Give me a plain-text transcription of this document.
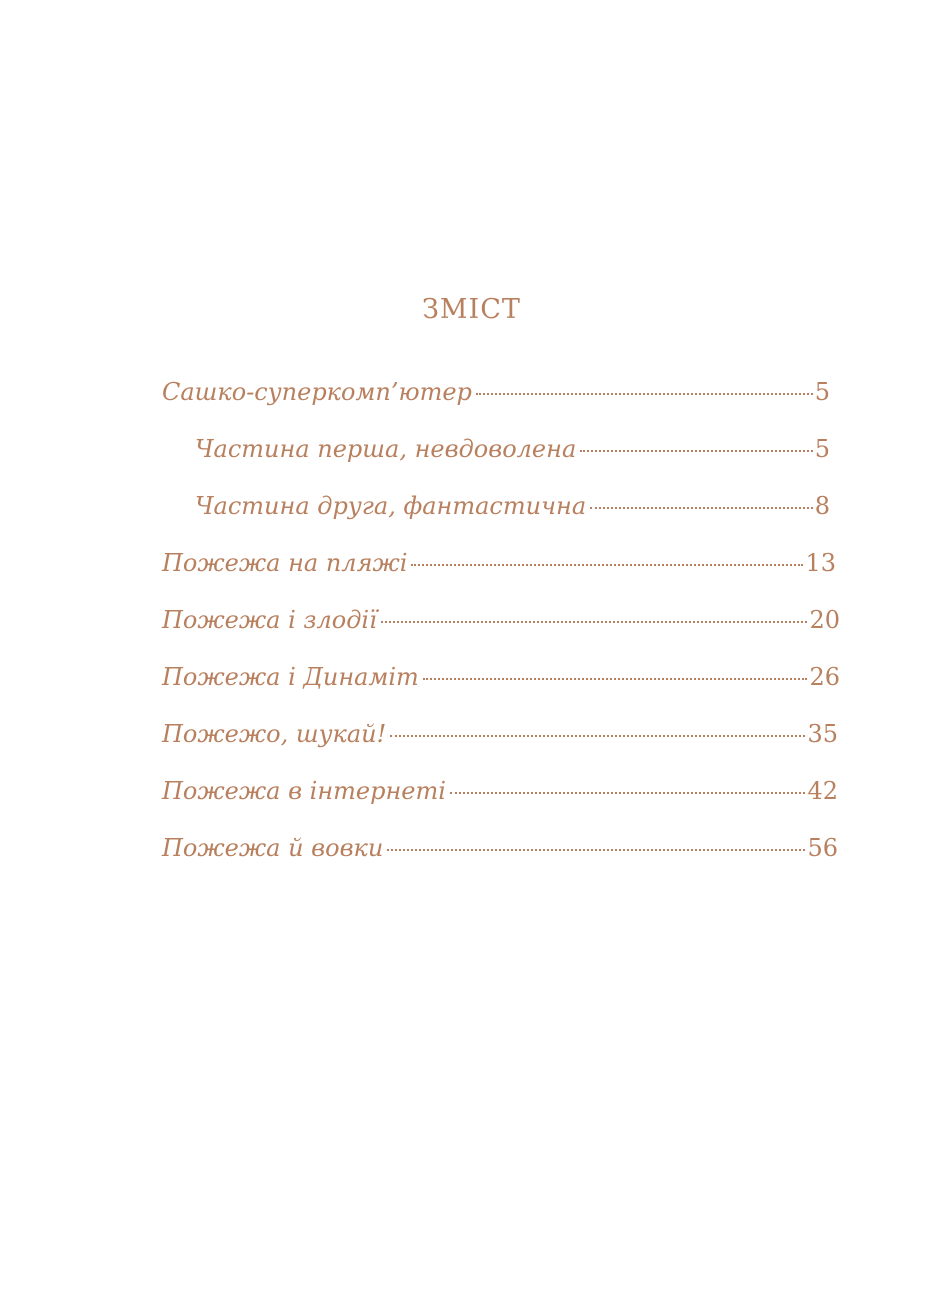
ЗМІСТ
Сашко-суперкомп’ютер	5
Частина перша, невдоволена	5
Частина друга, фантастична	8
Пожежа на пляжі	13
Пожежа і злодії	20
Пожежа і Динаміт	26
Пожежо, шукай!	35
Пожежа в інтернеті	42
Пожежа й вовки	56
